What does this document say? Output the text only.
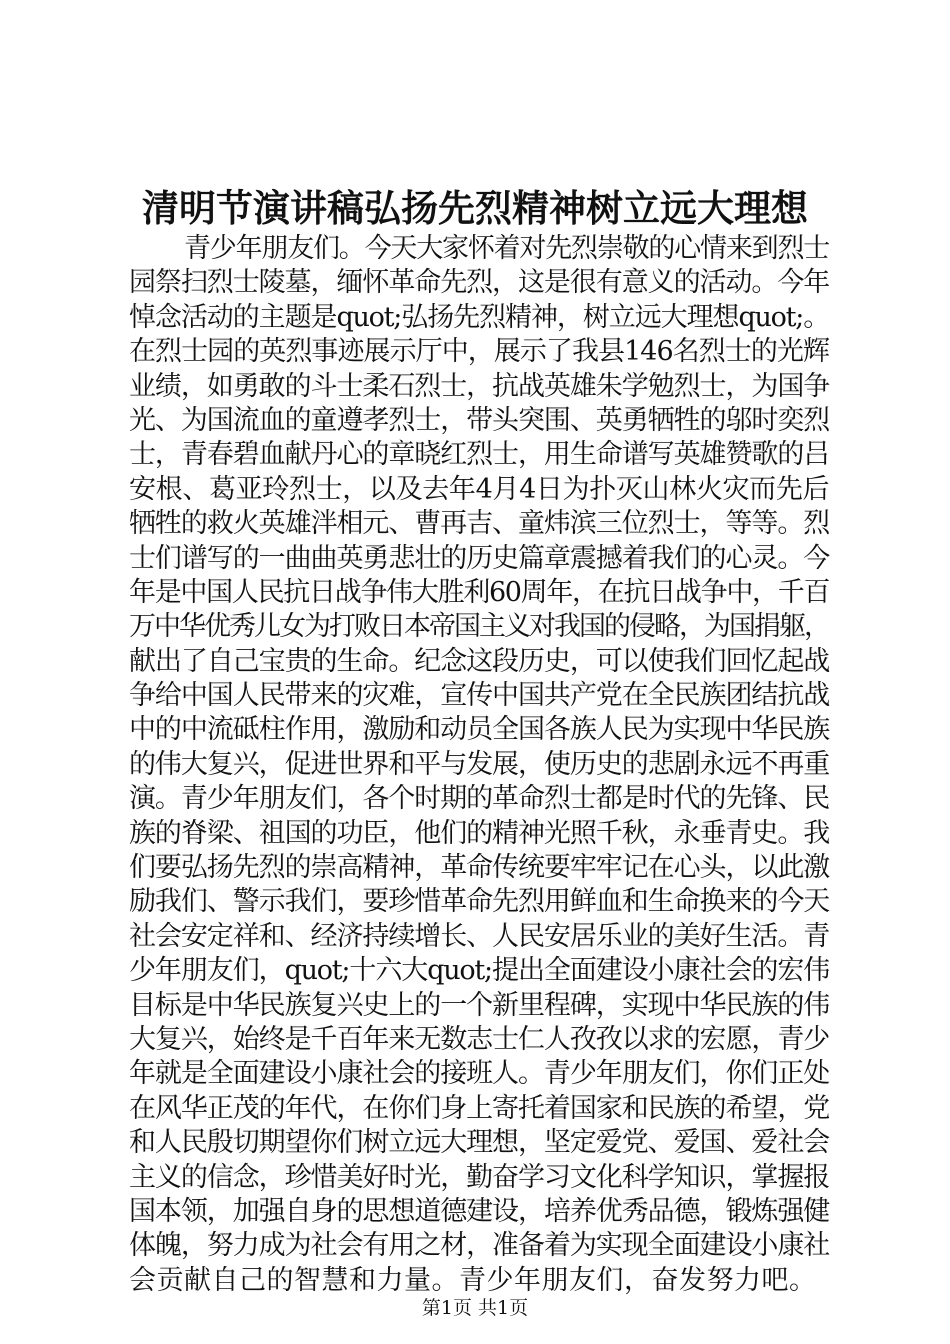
清明节演讲稿弘扬先烈精神树立远大理想
青少年朋友们。今天大家怀着对先烈崇敬的心情来到烈士
园祭扫烈士陵墓，缅怀革命先烈，这是很有意义的活动。今年
悼念活动的主题是quot;弘扬先烈精神，树立远大理想quot;。
在烈士园的英烈事迹展示厅中，展示了我县146名烈士的光辉
业绩，如勇敢的斗士柔石烈士，抗战英雄朱学勉烈士，为国争
光、为国流血的童遵孝烈士，带头突围、英勇牺牲的邬时奕烈
士，青春碧血献丹心的章晓红烈士，用生命谱写英雄赞歌的吕
安根、葛亚玲烈士，以及去年4月4日为扑灭山林火灾而先后
牺牲的救火英雄泮相元、曹再吉、童炜滨三位烈士，等等。烈
士们谱写的一曲曲英勇悲壮的历史篇章震撼着我们的心灵。今
年是中国人民抗日战争伟大胜利60周年，在抗日战争中，千百
万中华优秀儿女为打败日本帝国主义对我国的侵略，为国捐躯，
献出了自己宝贵的生命。纪念这段历史，可以使我们回忆起战
争给中国人民带来的灾难，宣传中国共产党在全民族团结抗战
中的中流砥柱作用，激励和动员全国各族人民为实现中华民族
的伟大复兴，促进世界和平与发展，使历史的悲剧永远不再重
演。青少年朋友们，各个时期的革命烈士都是时代的先锋、民
族的脊梁、祖国的功臣，他们的精神光照千秋，永垂青史。我
们要弘扬先烈的崇高精神，革命传统要牢牢记在心头，以此激
励我们、警示我们，要珍惜革命先烈用鲜血和生命换来的今天
社会安定祥和、经济持续增长、人民安居乐业的美好生活。青
少年朋友们，quot;十六大quot;提出全面建设小康社会的宏伟
目标是中华民族复兴史上的一个新里程碑，实现中华民族的伟
大复兴，始终是千百年来无数志士仁人孜孜以求的宏愿，青少
年就是全面建设小康社会的接班人。青少年朋友们，你们正处
在风华正茂的年代，在你们身上寄托着国家和民族的希望，党
和人民殷切期望你们树立远大理想，坚定爱党、爱国、爱社会
主义的信念，珍惜美好时光，勤奋学习文化科学知识，掌握报
国本领，加强自身的思想道德建设，培养优秀品德，锻炼强健
体魄，努力成为社会有用之材，准备着为实现全面建设小康社
会贡献自己的智慧和力量。青少年朋友们，奋发努力吧。
第1页 共1页
